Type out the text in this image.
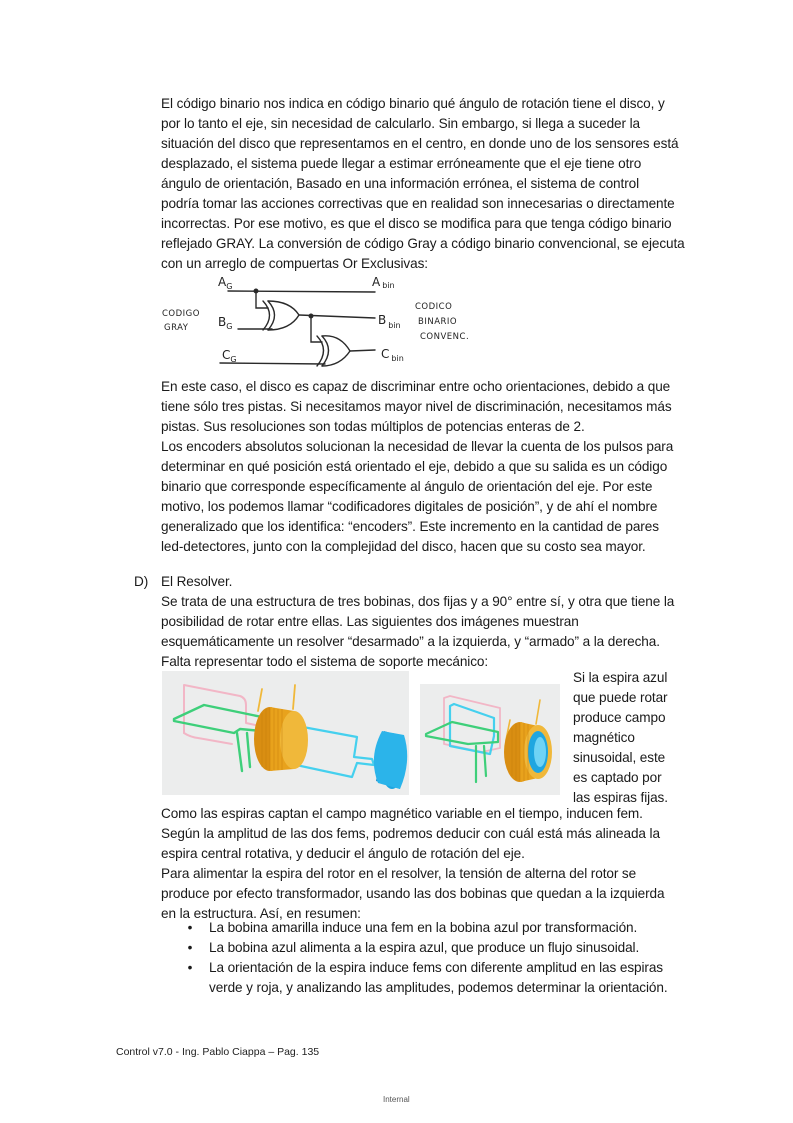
El código binario nos indica en código binario qué ángulo de rotación tiene el disco, y
por lo tanto el eje, sin necesidad de calcularlo. Sin embargo, si llega a suceder la
situación del disco que representamos en el centro, en donde uno de los sensores está
desplazado, el sistema puede llegar a estimar erróneamente que el eje tiene otro
ángulo de orientación, Basado en una información errónea, el sistema de control
podría tomar las acciones correctivas que en realidad son innecesarias o directamente
incorrectas. Por ese motivo, es que el disco se modifica para que tenga código binario
reflejado GRAY. La conversión de código Gray a código binario convencional, se ejecuta
con un arreglo de compuertas Or Exclusivas:
$A_G$
$B_G$
$C_G$
Abin
B $_{bin}$
C $_{bin}$
CODIGO
GRAY
CODICO
BINARIO
CONVENC.
En este caso, el disco es capaz de discriminar entre ocho orientaciones, debido a que
tiene sólo tres pistas. Si necesitamos mayor nivel de discriminación, necesitamos más
pistas. Sus resoluciones son todas múltiplos de potencias enteras de 2.
Los encoders absolutos solucionan la necesidad de llevar la cuenta de los pulsos para
determinar en qué posición está orientado el eje, debido a que su salida es un código
binario que corresponde específicamente al ángulo de orientación del eje. Por este
motivo, los podemos llamar “codificadores digitales de posición”, y de ahí el nombre
generalizado que los identifica: “encoders”. Este incremento en la cantidad de pares
led-detectores, junto con la complejidad del disco, hacen que su costo sea mayor.
D) El Resolver.
Se trata de una estructura de tres bobinas, dos fijas y a 90° entre sí, y otra que tiene la
posibilidad de rotar entre ellas. Las siguientes dos imágenes muestran
esquemáticamente un resolver “desarmado” a la izquierda, y “armado” a la derecha.
Falta representar todo el sistema de soporte mecánico:
Si la espira azul
que puede rotar
produce campo
magnético
sinusoidal, este
es captado por
las espiras fijas.
Como las espiras captan el campo magnético variable en el tiempo, inducen fem.
Según la amplitud de las dos fems, podremos deducir con cuál está más alineada la
espira central rotativa, y deducir el ángulo de rotación del eje.
Para alimentar la espira del rotor en el resolver, la tensión de alterna del rotor se
produce por efecto transformador, usando las dos bobinas que quedan a la izquierda
en la estructura. Así, en resumen:
•	La bobina amarilla induce una fem en la bobina azul por transformación.
•	La bobina azul alimenta a la espira azul, que produce un flujo sinusoidal.
•	La orientación de la espira induce fems con diferente amplitud en las espiras
verde y roja, y analizando las amplitudes, podemos determinar la orientación.
Control v7.0 - Ing. Pablo Ciappa – Pag. 135
Internal
